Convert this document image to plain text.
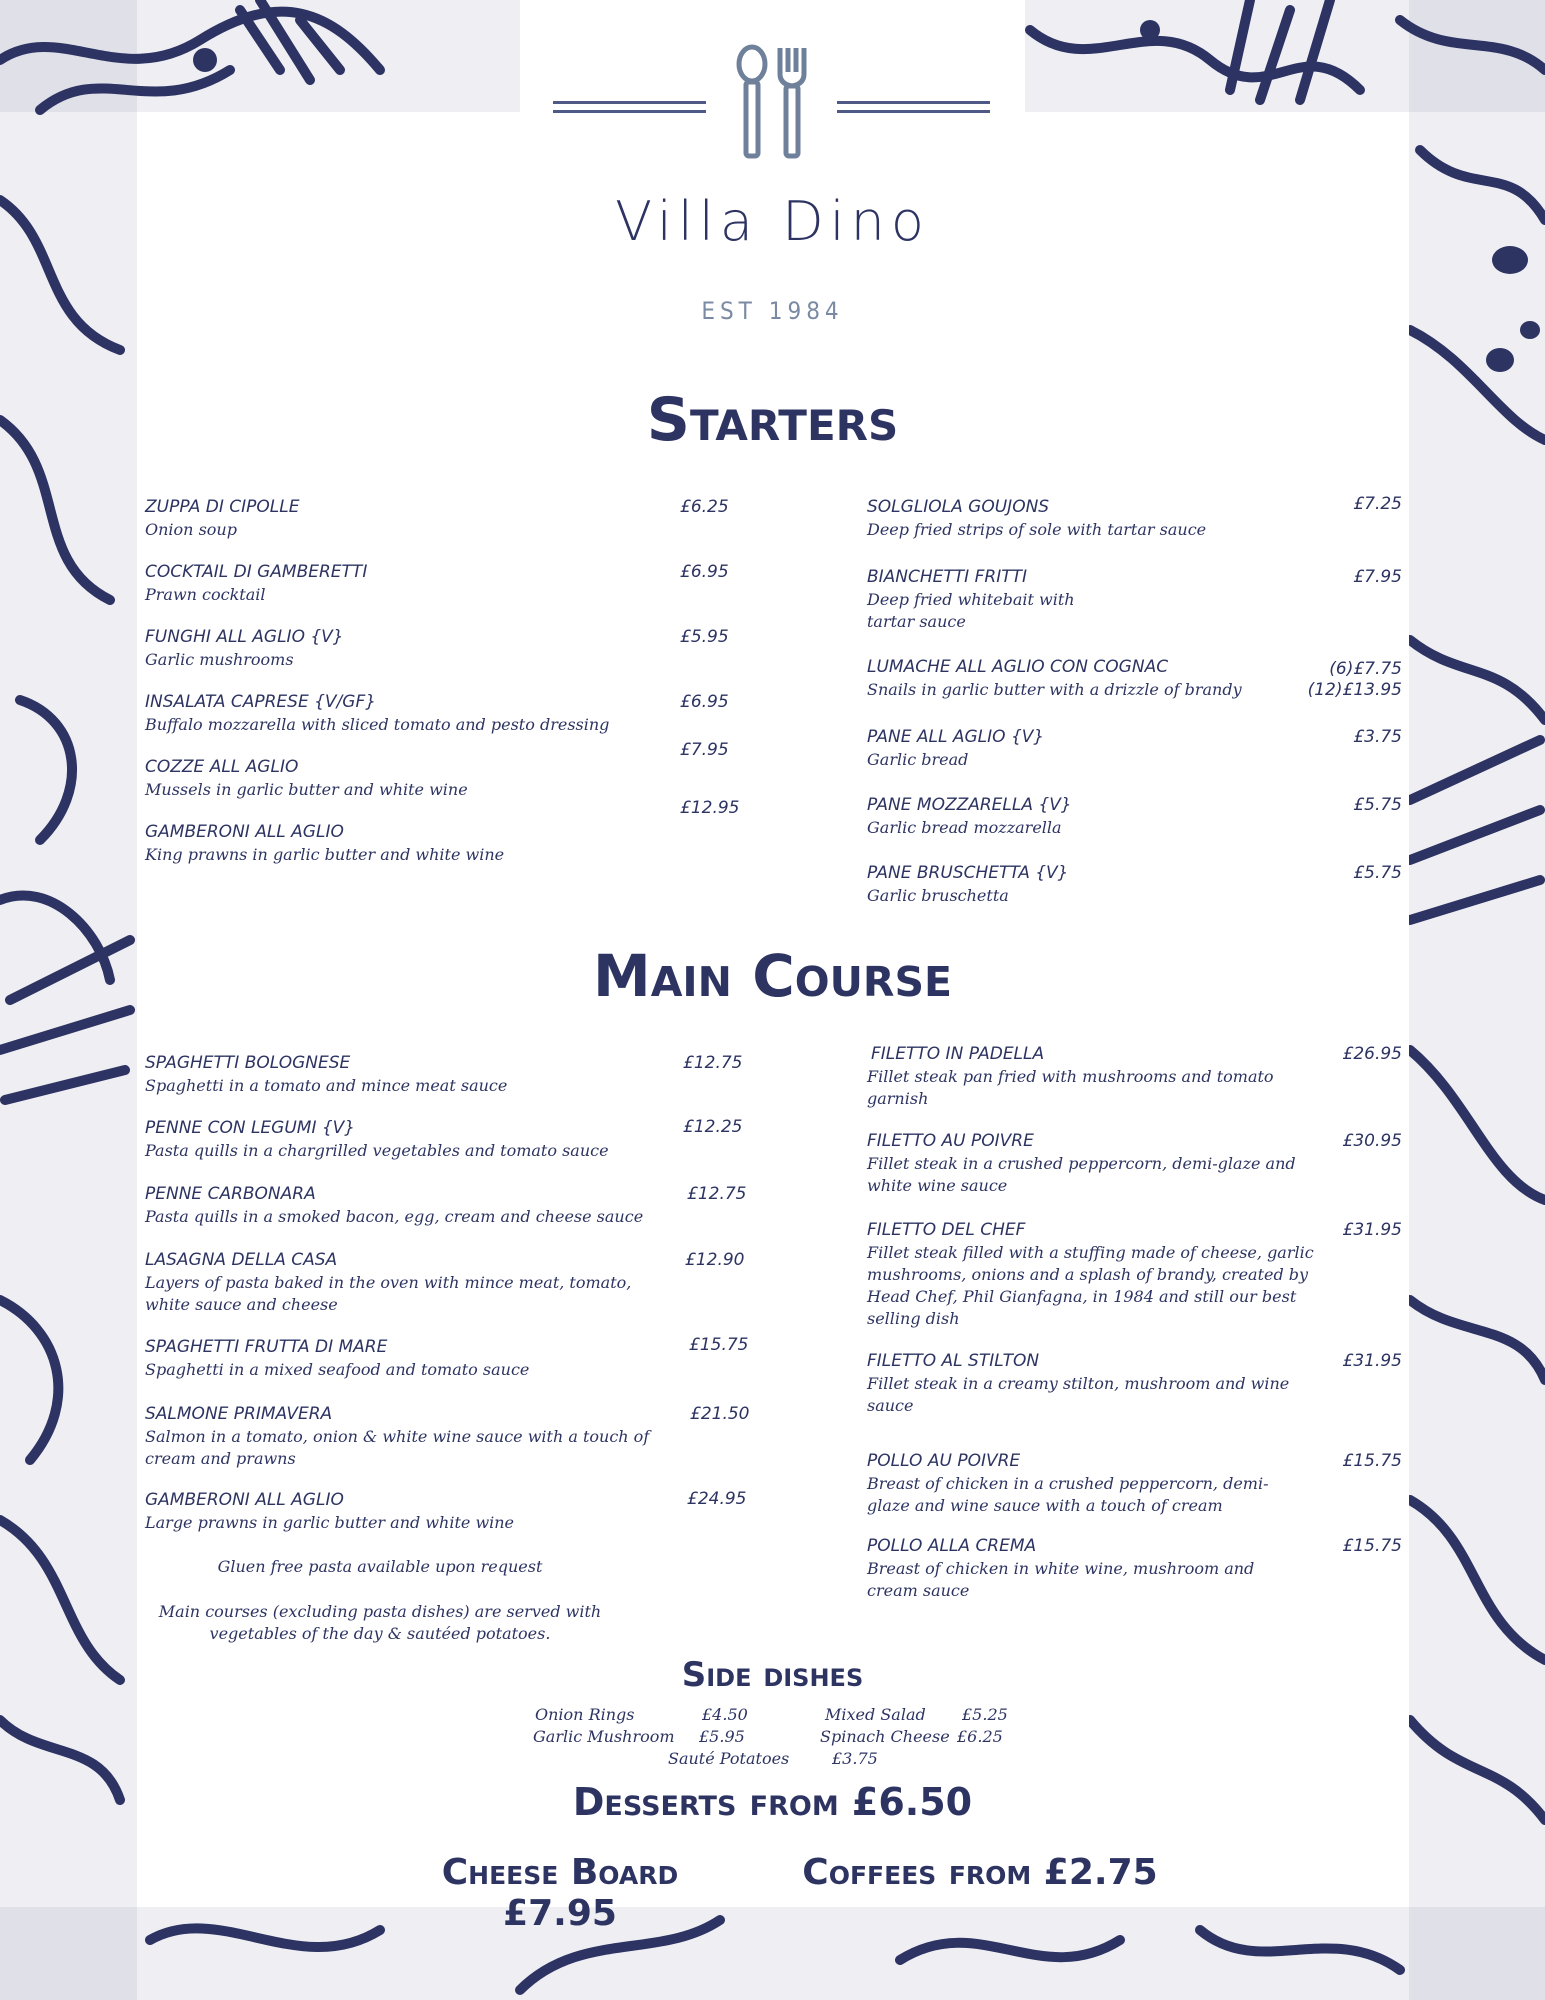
Villa Dino
EST 1984
Starters
ZUPPA DI CIPOLLE
Onion soup
£6.25
COCKTAIL DI GAMBERETTI
Prawn cocktail
£6.95
FUNGHI ALL AGLIO {V}
Garlic mushrooms
£5.95
INSALATA CAPRESE {V/GF}
Buffalo mozzarella with sliced tomato and pesto dressing
£6.95
COZZE ALL AGLIO
Mussels in garlic butter and white wine
£7.95
GAMBERONI ALL AGLIO
King prawns in garlic butter and white wine
£12.95
SOLGLIOLA GOUJONS
Deep fried strips of sole with tartar sauce
£7.25
BIANCHETTI FRITTI
Deep fried whitebait with tartar sauce
£7.95
LUMACHE ALL AGLIO CON COGNAC
Snails in garlic butter with a drizzle of brandy
(6)£7.75
(12)£13.95
PANE ALL AGLIO {V}
Garlic bread
£3.75
PANE MOZZARELLA {V}
Garlic bread mozzarella
£5.75
PANE BRUSCHETTA {V}
Garlic bruschetta
£5.75
Main Course
SPAGHETTI BOLOGNESE
Spaghetti in a tomato and mince meat sauce
£12.75
PENNE CON LEGUMI {V}
Pasta quills in a chargrilled vegetables and tomato sauce
£12.25
PENNE CARBONARA
Pasta quills in a smoked bacon, egg, cream and cheese sauce
£12.75
LASAGNA DELLA CASA
Layers of pasta baked in the oven with mince meat, tomato, white sauce and cheese
£12.90
SPAGHETTI FRUTTA DI MARE
Spaghetti in a mixed seafood and tomato sauce
£15.75
SALMONE PRIMAVERA
Salmon in a tomato, onion & white wine sauce with a touch of cream and prawns
£21.50
GAMBERONI ALL AGLIO
Large prawns in garlic butter and white wine
£24.95
Gluen free pasta available upon request
Main courses (excluding pasta dishes) are served with vegetables of the day & sautéed potatoes.
FILETTO IN PADELLA	£26.95
Fillet steak pan fried with mushrooms and tomato garnish
FILETTO AU POIVRE
Fillet steak in a crushed peppercorn, demi-glaze and white wine sauce
£30.95
FILETTO DEL CHEF
Fillet steak filled with a stuffing made of cheese, garlic mushrooms, onions and a splash of brandy, created by Head Chef, Phil Gianfagna, in 1984 and still our best selling dish
£31.95
FILETTO AL STILTON
Fillet steak in a creamy stilton, mushroom and wine sauce
£31.95
POLLO AU POIVRE
Breast of chicken in a crushed peppercorn, demi-glaze and wine sauce with a touch of cream
£15.75
POLLO ALLA CREMA
Breast of chicken in white wine, mushroom and cream sauce
£15.75
Side dishes
Onion Rings	£4.50	Mixed Salad £5.25
Garlic Mushroom £5.95	Spinach Cheese £6.25
Sauté Potatoes	£3.75
Desserts from £6.50
Cheese Board £7.95
Coffees from £2.75
